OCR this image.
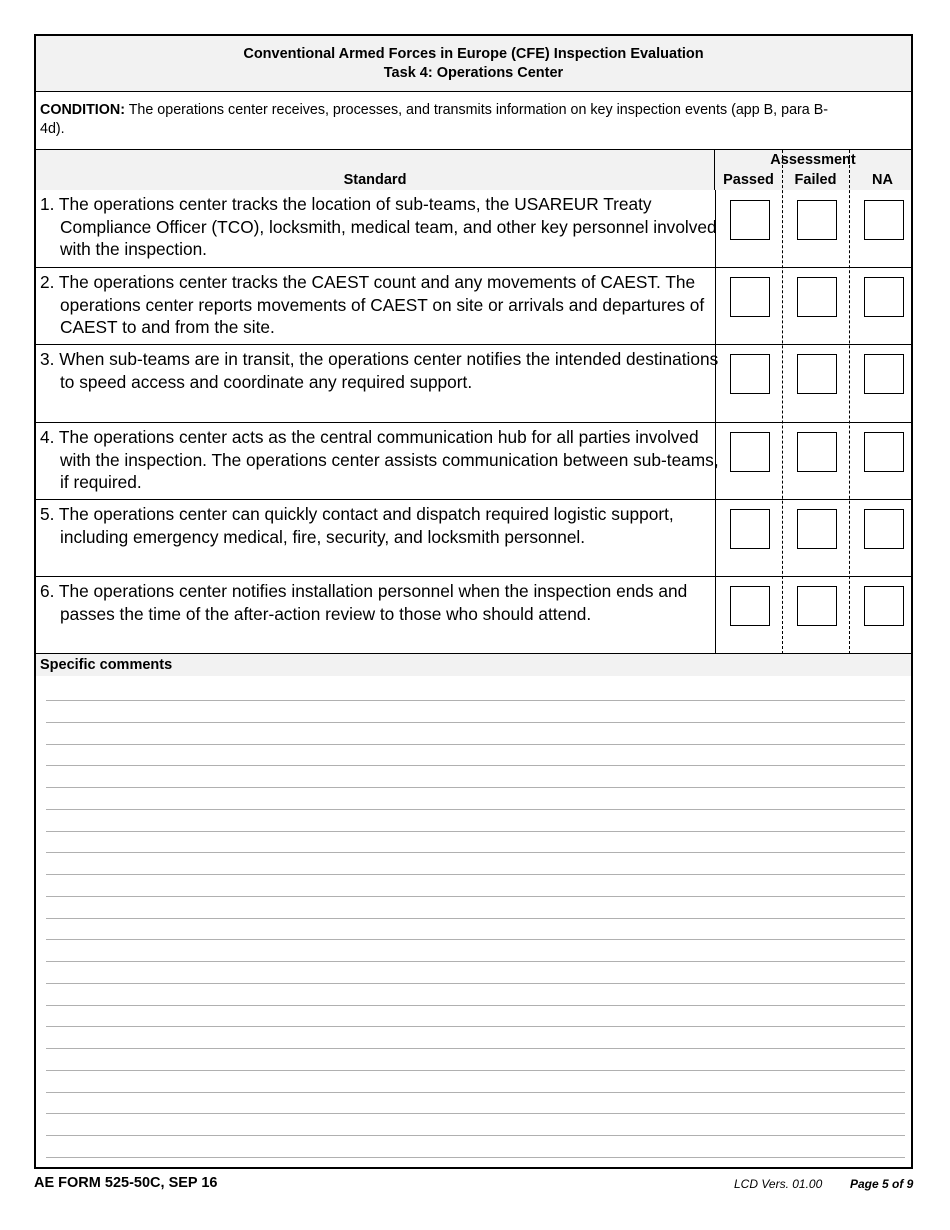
Conventional Armed Forces in Europe (CFE) Inspection Evaluation
Task 4: Operations Center
CONDITION: The operations center receives, processes, and transmits information on key inspection events (app B, para B-4d).
Standard
Assessment
Passed	Failed	NA
1. The operations center tracks the location of sub-teams, the USAREUR Treaty Compliance Officer (TCO), locksmith, medical team, and other key personnel involved with the inspection.
2. The operations center tracks the CAEST count and any movements of CAEST. The operations center reports movements of CAEST on site or arrivals and departures of CAEST to and from the site.
3. When sub-teams are in transit, the operations center notifies the intended destinations to speed access and coordinate any required support.
4. The operations center acts as the central communication hub for all parties involved with the inspection. The operations center assists communication between sub-teams, if required.
5. The operations center can quickly contact and dispatch required logistic support, including emergency medical, fire, security, and locksmith personnel.
6. The operations center notifies installation personnel when the inspection ends and passes the time of the after-action review to those who should attend.
Specific comments
AE FORM 525-50C, SEP 16	LCD Vers. 01.00 Page 5 of 9
